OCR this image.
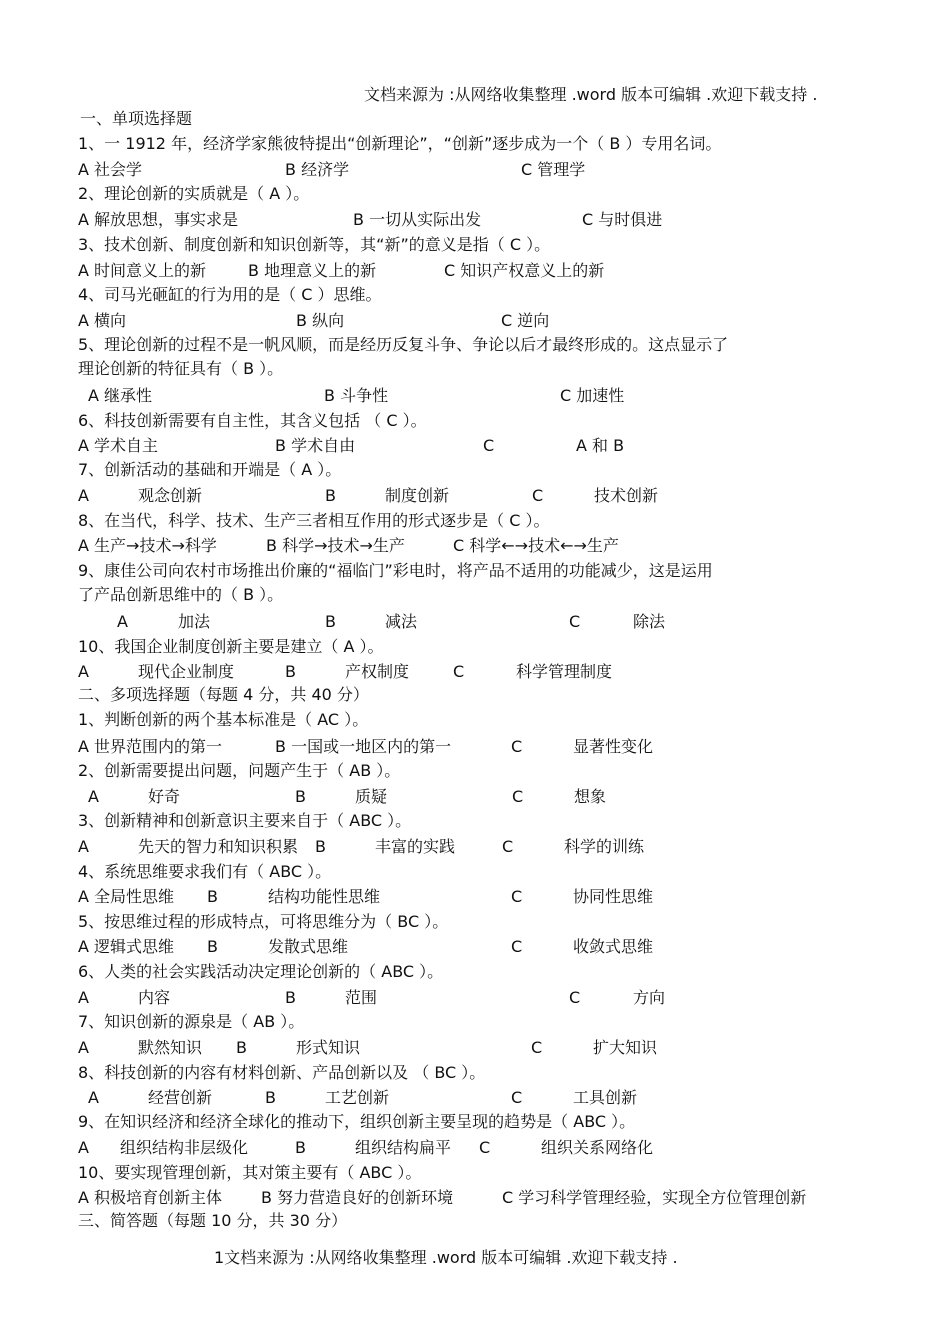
文档来源为 :从网络收集整理 .word 版本可编辑 .欢迎下载支持 .
一、单项选择题
1、一 1912 年，经济学家熊彼特提出“创新理论”，“创新”逐步成为一个（ B ）专用名词。
A 社会学	B 经济学	C 管理学
2、理论创新的实质就是（ A ）。
A 解放思想，事实求是	B 一切从实际出发	C 与时俱进
3、技术创新、制度创新和知识创新等，其“新”的意义是指（ C ）。
A 时间意义上的新	B 地理意义上的新	C 知识产权意义上的新
4、司马光砸缸的行为用的是（ C ）思维。
A 横向	B 纵向	C 逆向
5、理论创新的过程不是一帆风顺，而是经历反复斗争、争论以后才最终形成的。这点显示了
理论创新的特征具有（ B ）。
A 继承性	B 斗争性	C 加速性
6、科技创新需要有自主性，其含义包括 （ C ）。
A 学术自主	B 学术自由	C	A 和 B
7、创新活动的基础和开端是（ A ）。
A	观念创新	B	制度创新	C	技术创新
8、在当代，科学、技术、生产三者相互作用的形式逐步是（ C ）。
A 生产→技术→科学	B 科学→技术→生产	C 科学←→技术←→生产
9、康佳公司向农村市场推出价廉的“福临门”彩电时，将产品不适用的功能减少，这是运用
了产品创新思维中的（ B ）。
A	加法	B	减法	C	除法
10、我国企业制度创新主要是建立（ A ）。
A	现代企业制度	B	产权制度	C	科学管理制度
二、多项选择题（每题 4 分，共 40 分）
1、判断创新的两个基本标准是（ AC ）。
A 世界范围内的第一	B 一国或一地区内的第一	C	显著性变化
2、创新需要提出问题，问题产生于（ AB ）。
A	好奇	B	质疑	C	想象
3、创新精神和创新意识主要来自于（ ABC ）。
A	先天的智力和知识积累 B	丰富的实践	C	科学的训练
4、系统思维要求我们有（ ABC ）。
A 全局性思维 B	结构功能性思维	C	协同性思维
5、按思维过程的形成特点，可将思维分为（ BC ）。
A 逻辑式思维 B	发散式思维	C	收敛式思维
6、人类的社会实践活动决定理论创新的（ ABC ）。
A	内容	B	范围	C	方向
7、知识创新的源泉是（ AB ）。
A	默然知识 B	形式知识	C	扩大知识
8、科技创新的内容有材料创新、产品创新以及 （ BC ）。
A	经营创新	B	工艺创新	C	工具创新
9、在知识经济和经济全球化的推动下，组织创新主要呈现的趋势是（ ABC ）。
A 组织结构非层级化	B	组织结构扁平 C	组织关系网络化
10、要实现管理创新，其对策主要有（ ABC ）。
A 积极培育创新主体 B 努力营造良好的创新环境	C 学习科学管理经验，实现全方位管理创新
三、简答题（每题 10 分，共 30 分）
1文档来源为 :从网络收集整理 .word 版本可编辑 .欢迎下载支持 .
